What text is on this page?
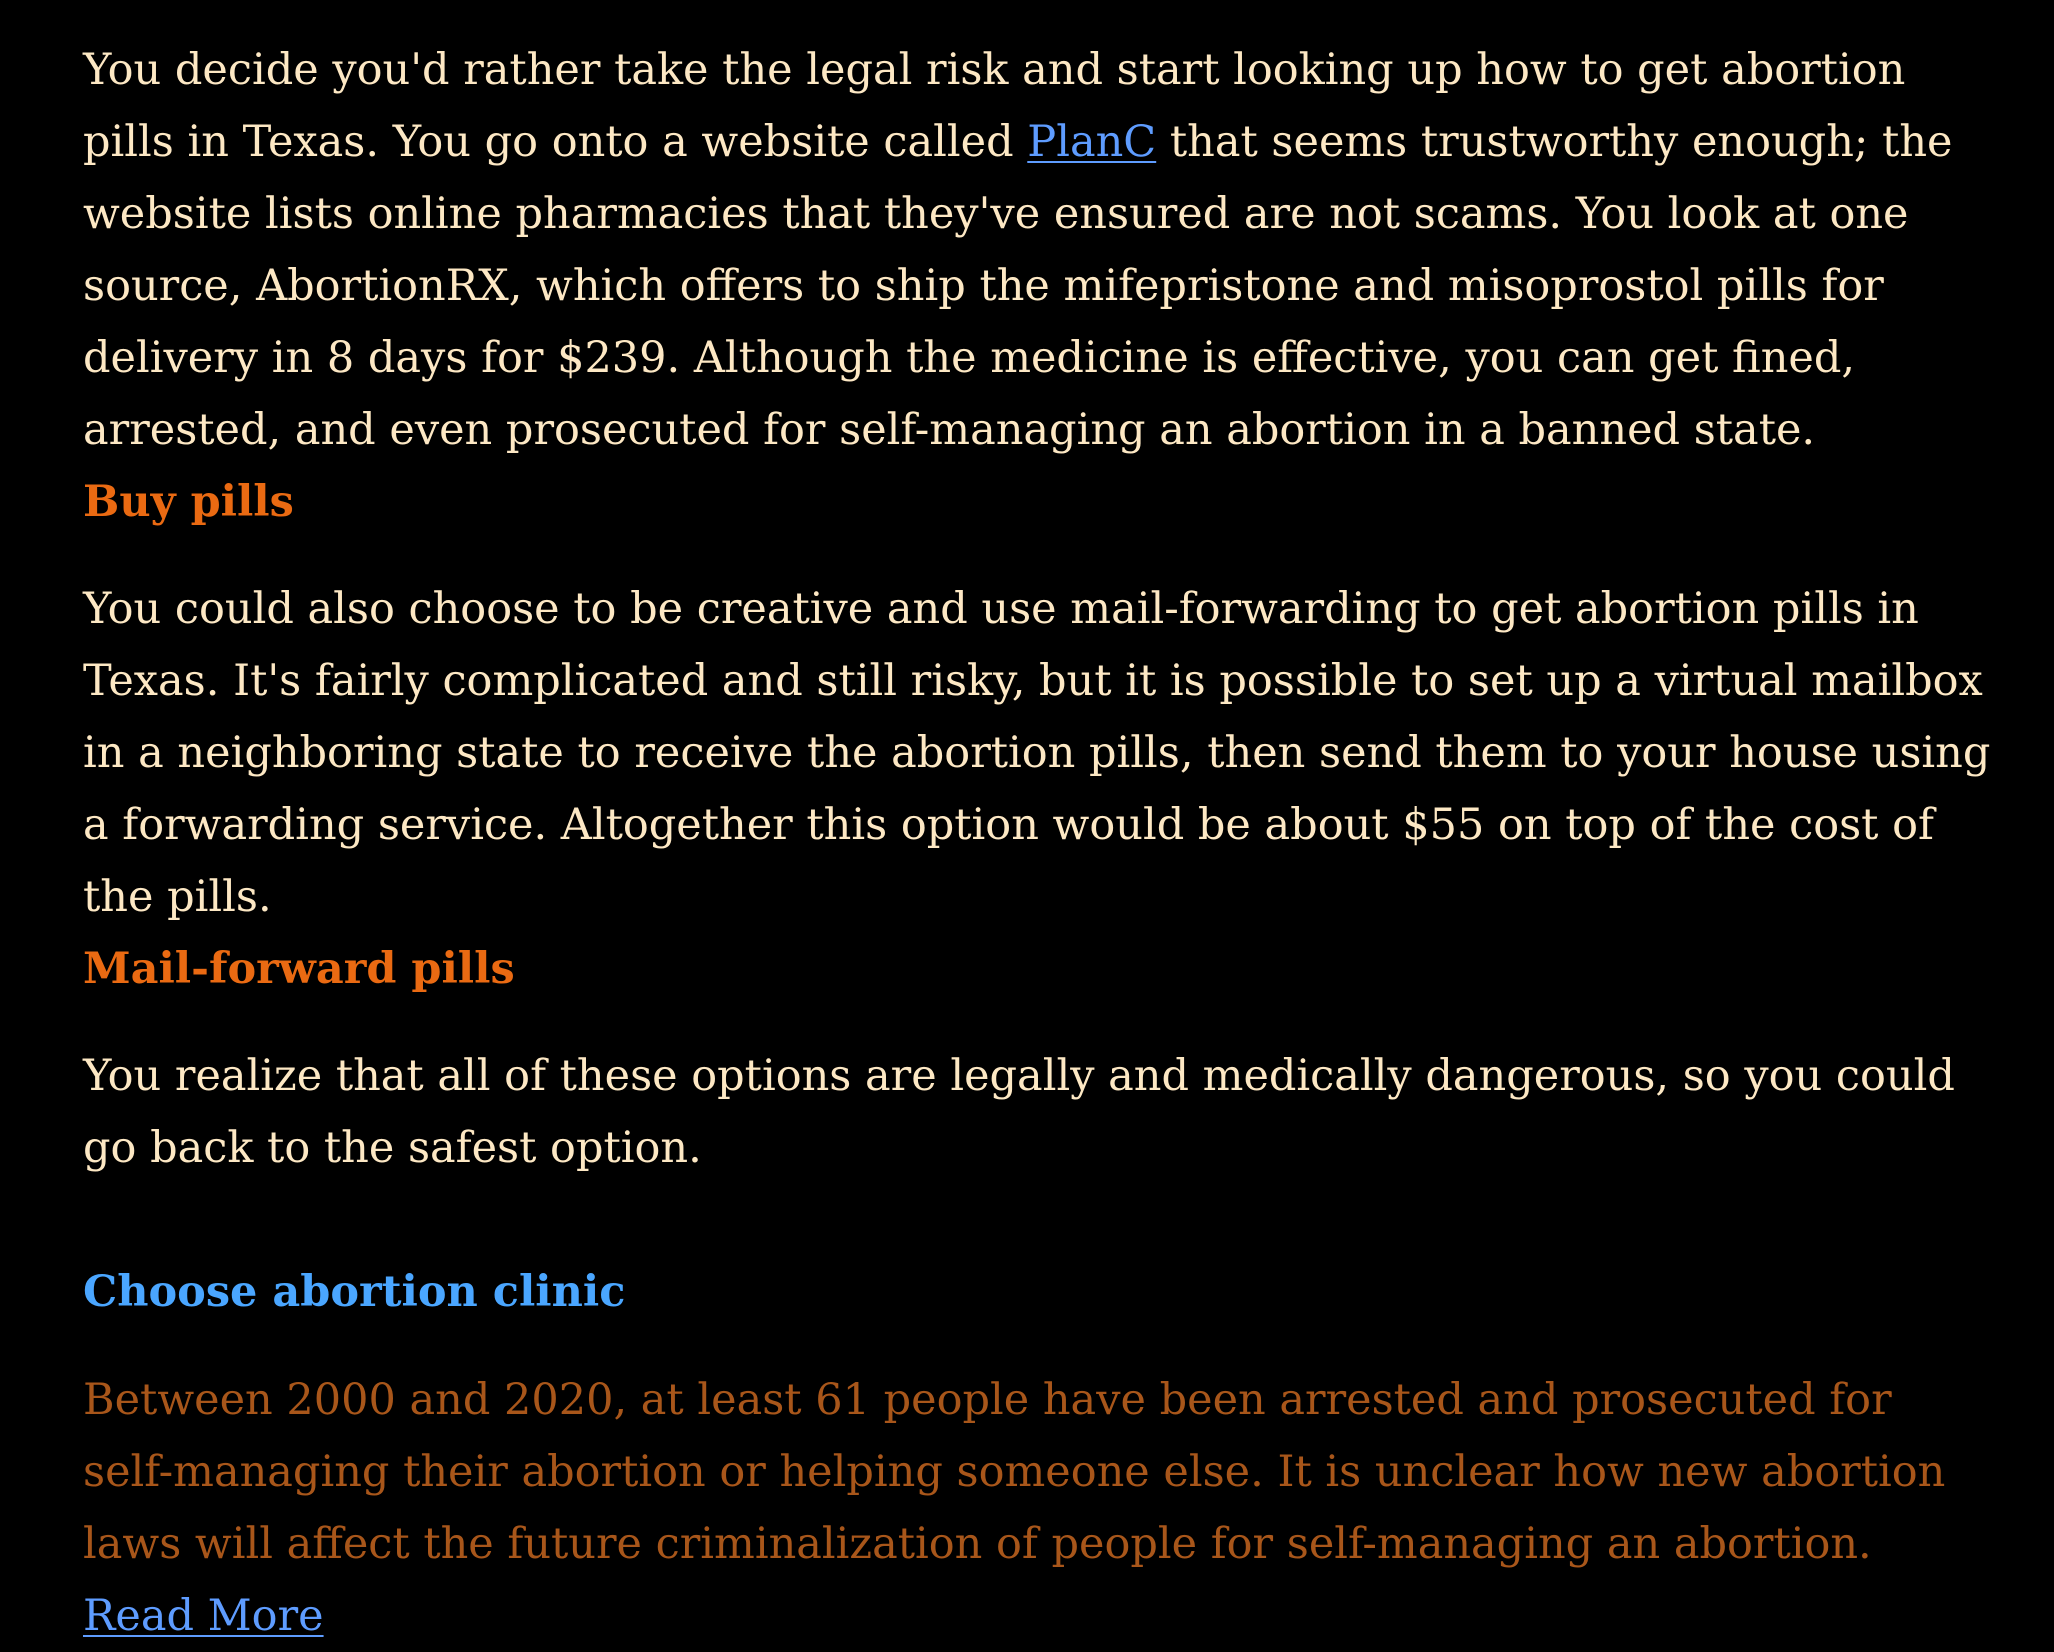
You decide you'd rather take the legal risk and start looking up how to get abortion pills in Texas. You go onto a website called PlanC that seems trustworthy enough; the website lists online pharmacies that they've ensured are not scams. You look at one source, AbortionRX, which offers to ship the mifepristone and misoprostol pills for delivery in 8 days for $239. Although the medicine is effective, you can get fined, arrested, and even prosecuted for self-managing an abortion in a banned state.

Buy pills

You could also choose to be creative and use mail-forwarding to get abortion pills in Texas. It's fairly complicated and still risky, but it is possible to set up a virtual mailbox in a neighboring state to receive the abortion pills, then send them to your house using a forwarding service. Altogether this option would be about $55 on top of the cost of the pills.

Mail-forward pills

You realize that all of these options are legally and medically dangerous, so you could go back to the safest option.

Choose abortion clinic

Between 2000 and 2020, at least 61 people have been arrested and prosecuted for self-managing their abortion or helping someone else. It is unclear how new abortion laws will affect the future criminalization of people for self-managing an abortion. Read More
